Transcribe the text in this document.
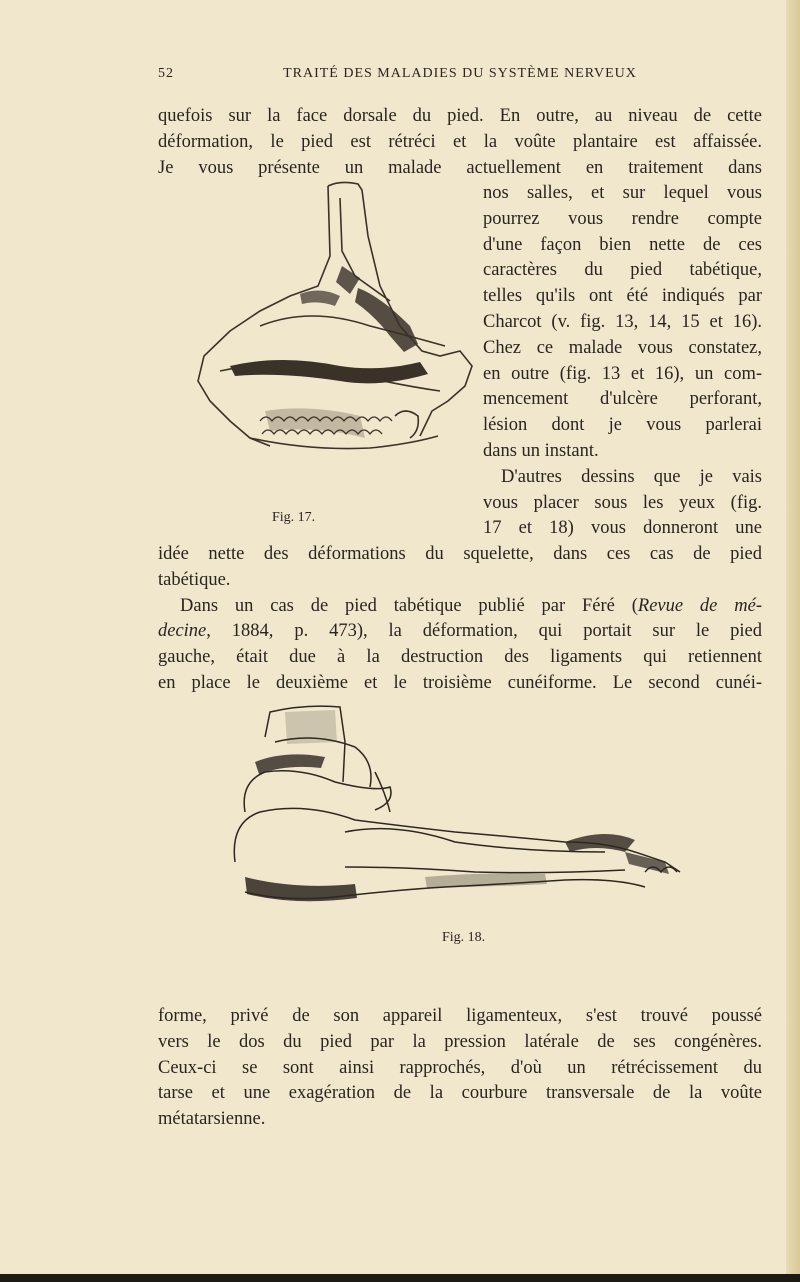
52	TRAITÉ DES MALADIES DU SYSTÈME NERVEUX
quefois sur la face dorsale du pied. En outre, au niveau de cette
déformation, le pied est rétréci et la voûte plantaire est affaissée.
Je vous présente un malade actuellement en traitement dans
nos salles, et sur lequel vous
pourrez vous rendre compte
d'une façon bien nette de ces
caractères du pied tabétique,
telles qu'ils ont été indiqués par
Charcot (v. fig. 13, 14, 15 et 16).
Chez ce malade vous constatez,
en outre (fig. 13 et 16), un com-
mencement d'ulcère perforant,
lésion dont je vous parlerai
dans un instant.
D'autres dessins que je vais
vous placer sous les yeux (fig.
17 et 18) vous donneront une
Fig. 17.
idée nette des déformations du squelette, dans ces cas de pied
tabétique.
Dans un cas de pied tabétique publié par Féré (Revue de mé-
decine, 1884, p. 473), la déformation, qui portait sur le pied
gauche, était due à la destruction des ligaments qui retiennent
en place le deuxième et le troisième cunéiforme. Le second cunéi-
Fig. 18.
forme, privé de son appareil ligamenteux, s'est trouvé poussé
vers le dos du pied par la pression latérale de ses congénères.
Ceux-ci se sont ainsi rapprochés, d'où un rétrécissement du
tarse et une exagération de la courbure transversale de la voûte
métatarsienne.
